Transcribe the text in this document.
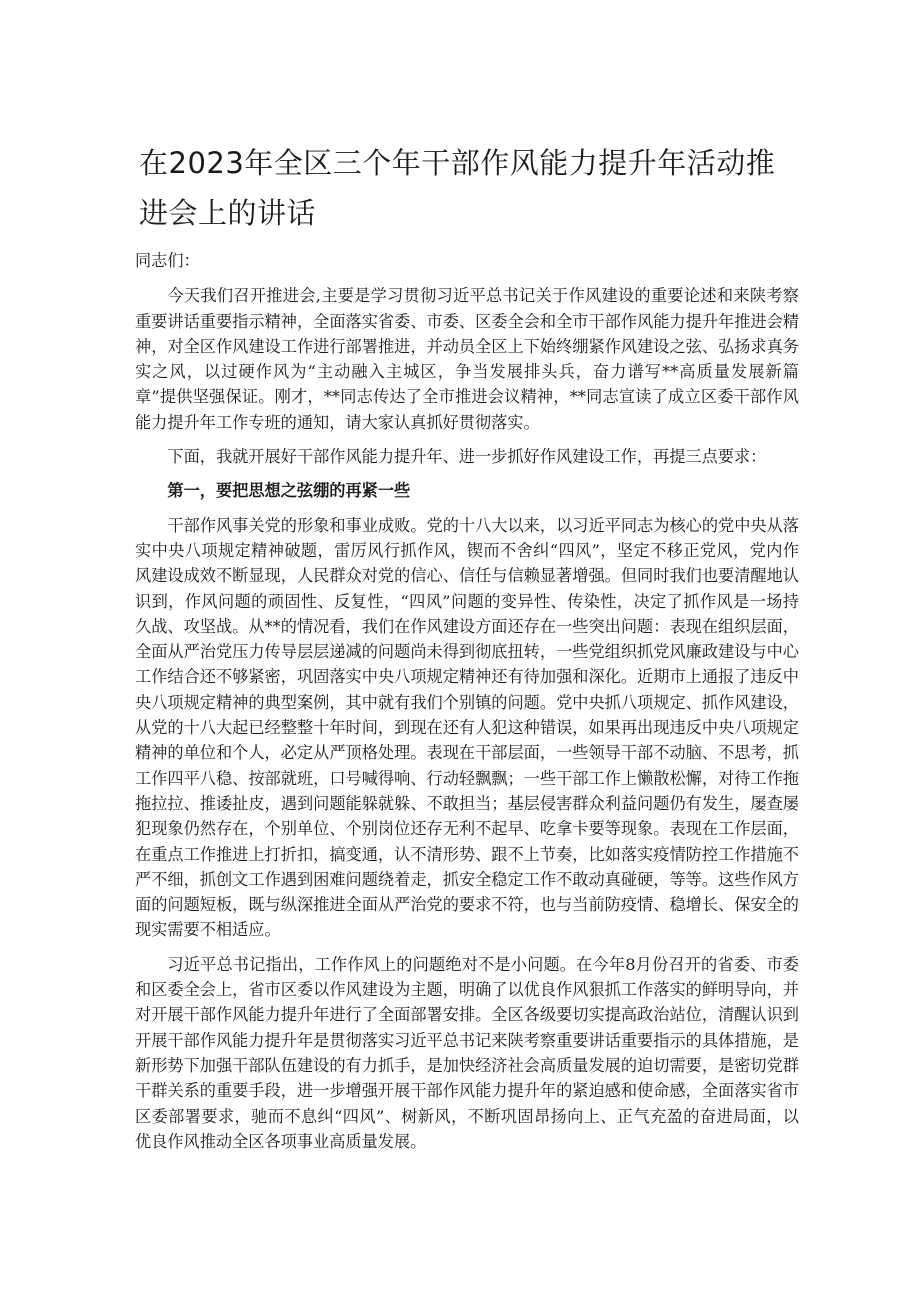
在2023年全区三个年干部作风能力提升年活动推进会上的讲话

同志们：

今天我们召开推进会,主要是学习贯彻习近平总书记关于作风建设的重要论述和来陕考察重要讲话重要指示精神，全面落实省委、市委、区委全会和全市干部作风能力提升年推进会精神，对全区作风建设工作进行部署推进，并动员全区上下始终绷紧作风建设之弦、弘扬求真务实之风，以过硬作风为“主动融入主城区，争当发展排头兵，奋力谱写**高质量发展新篇章”提供坚强保证。刚才，**同志传达了全市推进会议精神，**同志宣读了成立区委干部作风能力提升年工作专班的通知，请大家认真抓好贯彻落实。

下面，我就开展好干部作风能力提升年、进一步抓好作风建设工作，再提三点要求：

第一，要把思想之弦绷的再紧一些

干部作风事关党的形象和事业成败。党的十八大以来，以习近平同志为核心的党中央从落实中央八项规定精神破题，雷厉风行抓作风，锲而不舍纠“四风”，坚定不移正党风，党内作风建设成效不断显现，人民群众对党的信心、信任与信赖显著增强。但同时我们也要清醒地认识到，作风问题的顽固性、反复性，“四风”问题的变异性、传染性，决定了抓作风是一场持久战、攻坚战。从**的情况看，我们在作风建设方面还存在一些突出问题：表现在组织层面，全面从严治党压力传导层层递减的问题尚未得到彻底扭转，一些党组织抓党风廉政建设与中心工作结合还不够紧密，巩固落实中央八项规定精神还有待加强和深化。近期市上通报了违反中央八项规定精神的典型案例，其中就有我们个别镇的问题。党中央抓八项规定、抓作风建设，从党的十八大起已经整整十年时间，到现在还有人犯这种错误，如果再出现违反中央八项规定精神的单位和个人，必定从严顶格处理。表现在干部层面，一些领导干部不动脑、不思考，抓工作四平八稳、按部就班，口号喊得响、行动轻飘飘；一些干部工作上懒散松懈，对待工作拖拖拉拉、推诿扯皮，遇到问题能躲就躲、不敢担当；基层侵害群众利益问题仍有发生，屡查屡犯现象仍然存在，个别单位、个别岗位还存无利不起早、吃拿卡要等现象。表现在工作层面，在重点工作推进上打折扣，搞变通，认不清形势、跟不上节奏，比如落实疫情防控工作措施不严不细，抓创文工作遇到困难问题绕着走，抓安全稳定工作不敢动真碰硬，等等。这些作风方面的问题短板，既与纵深推进全面从严治党的要求不符，也与当前防疫情、稳增长、保安全的现实需要不相适应。

习近平总书记指出，工作作风上的问题绝对不是小问题。在今年8月份召开的省委、市委和区委全会上，省市区委以作风建设为主题，明确了以优良作风狠抓工作落实的鲜明导向，并对开展干部作风能力提升年进行了全面部署安排。全区各级要切实提高政治站位，清醒认识到开展干部作风能力提升年是贯彻落实习近平总书记来陕考察重要讲话重要指示的具体措施，是新形势下加强干部队伍建设的有力抓手，是加快经济社会高质量发展的迫切需要，是密切党群干群关系的重要手段，进一步增强开展干部作风能力提升年的紧迫感和使命感，全面落实省市区委部署要求，驰而不息纠“四风”、树新风，不断巩固昂扬向上、正气充盈的奋进局面，以优良作风推动全区各项事业高质量发展。
